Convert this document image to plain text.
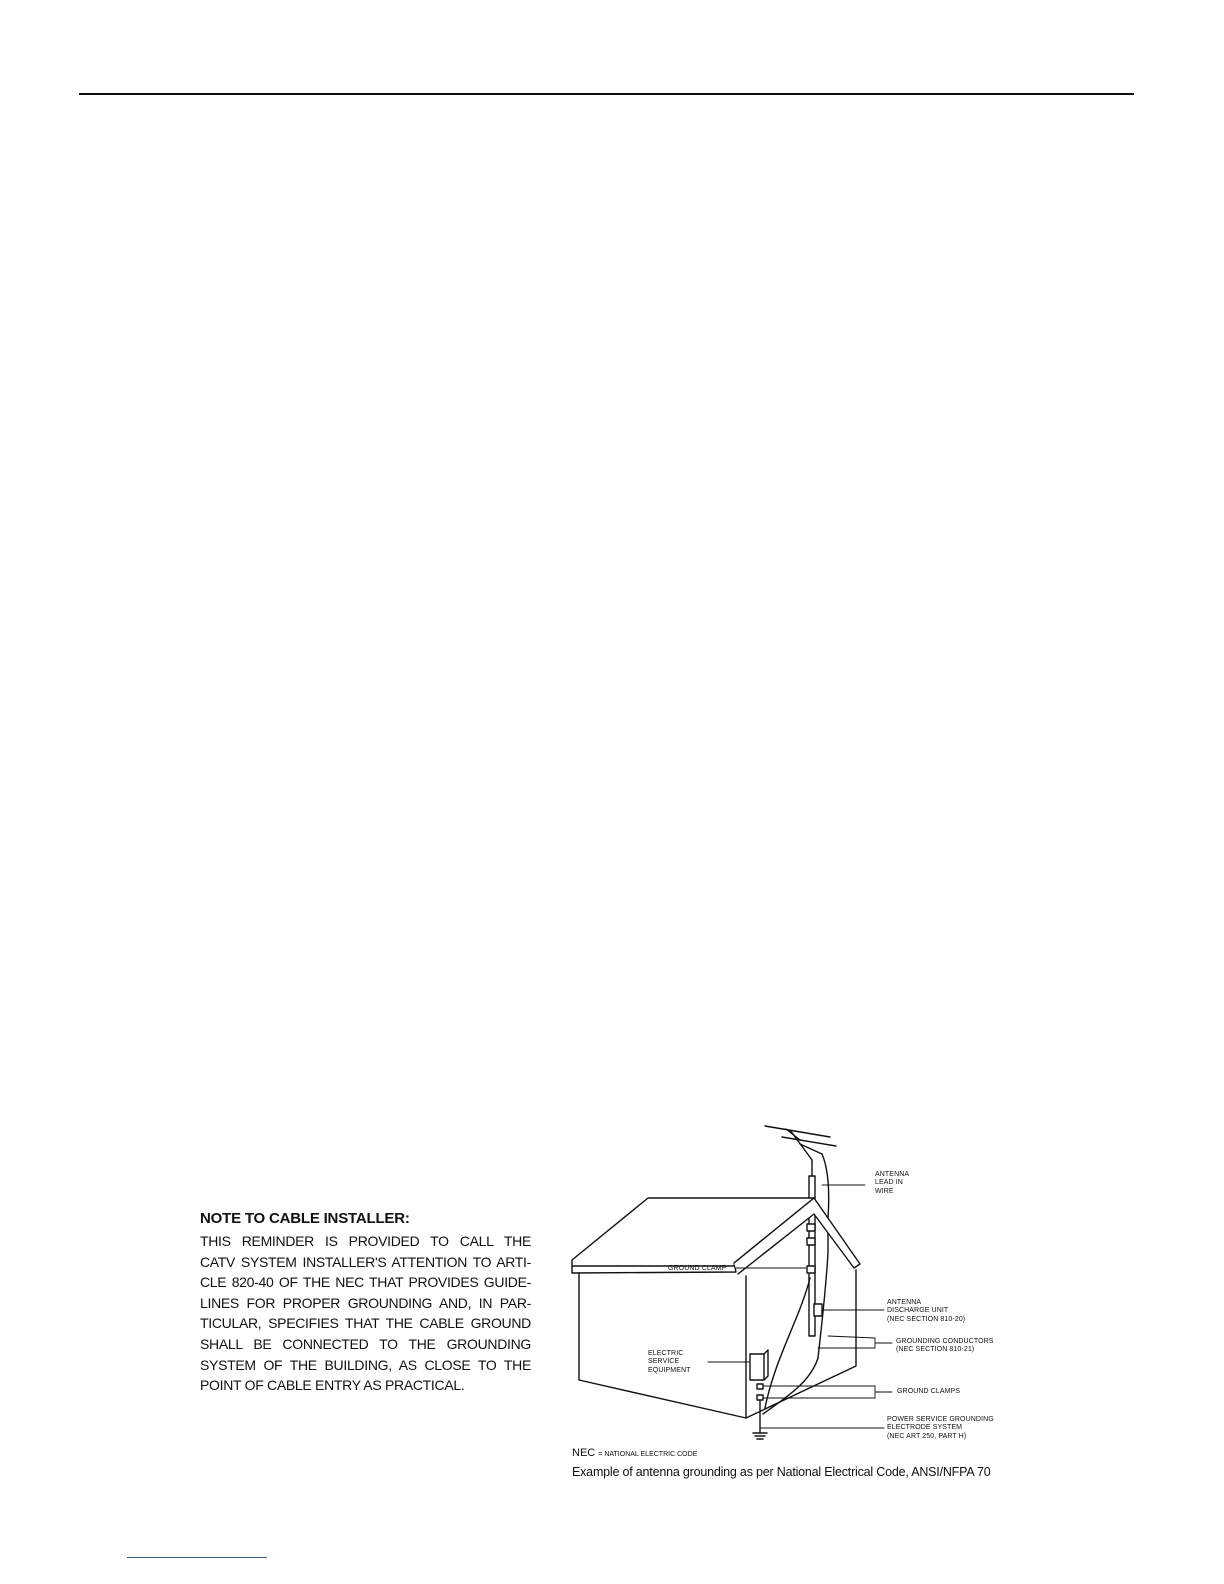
NOTE TO CABLE INSTALLER:
THIS REMINDER IS PROVIDED TO CALL THE
CATV SYSTEM INSTALLER'S ATTENTION TO ARTI-
CLE 820-40 OF THE NEC THAT PROVIDES GUIDE-
LINES FOR PROPER GROUNDING AND, IN PAR-
TICULAR, SPECIFIES THAT THE CABLE GROUND
SHALL BE CONNECTED TO THE GROUNDING
SYSTEM OF THE BUILDING, AS CLOSE TO THE
POINT OF CABLE ENTRY AS PRACTICAL.
ANTENNA
LEAD IN
WIRE
GROUND CLAMP
ANTENNA
DISCHARGE UNIT
(NEC SECTION 810-20)
GROUNDING CONDUCTORS
(NEC SECTION 810-21)
ELECTRIC
SERVICE
EQUIPMENT
GROUND CLAMPS
POWER SERVICE GROUNDING
ELECTRODE SYSTEM
(NEC ART 250, PART H)
NEC = NATIONAL ELECTRIC CODE
Example of antenna grounding as per National Electrical Code, ANSI/NFPA 70
